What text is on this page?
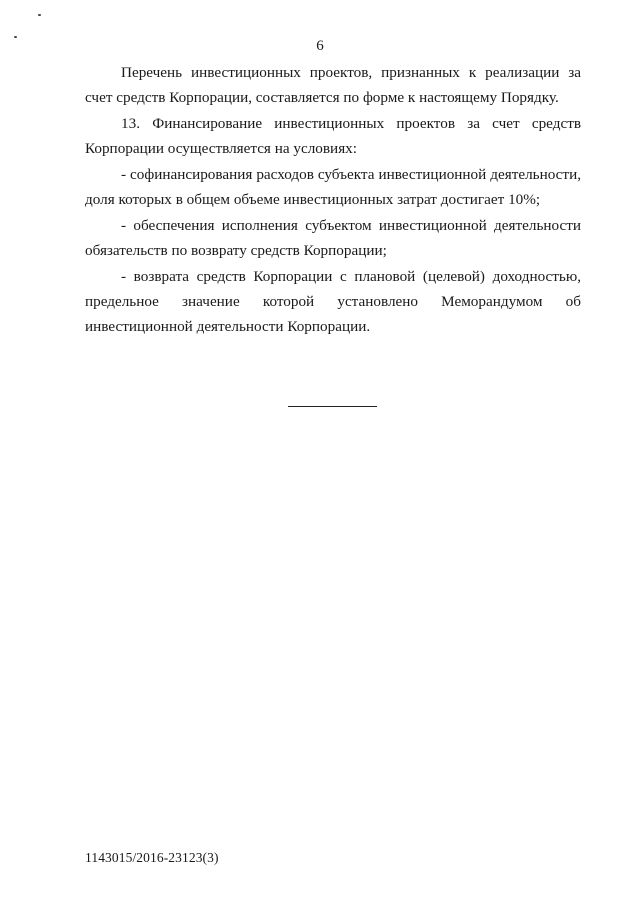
6

Перечень инвестиционных проектов, признанных к реализации за счет средств Корпорации, составляется по форме к настоящему Порядку.

13. Финансирование инвестиционных проектов за счет средств Корпорации осуществляется на условиях:

- софинансирования расходов субъекта инвестиционной деятельности, доля которых в общем объеме инвестиционных затрат достигает 10%;

- обеспечения исполнения субъектом инвестиционной деятельности обязательств по возврату средств Корпорации;

- возврата средств Корпорации с плановой (целевой) доходностью, предельное значение которой установлено Меморандумом об инвестиционной деятельности Корпорации.

1143015/2016-23123(3)
